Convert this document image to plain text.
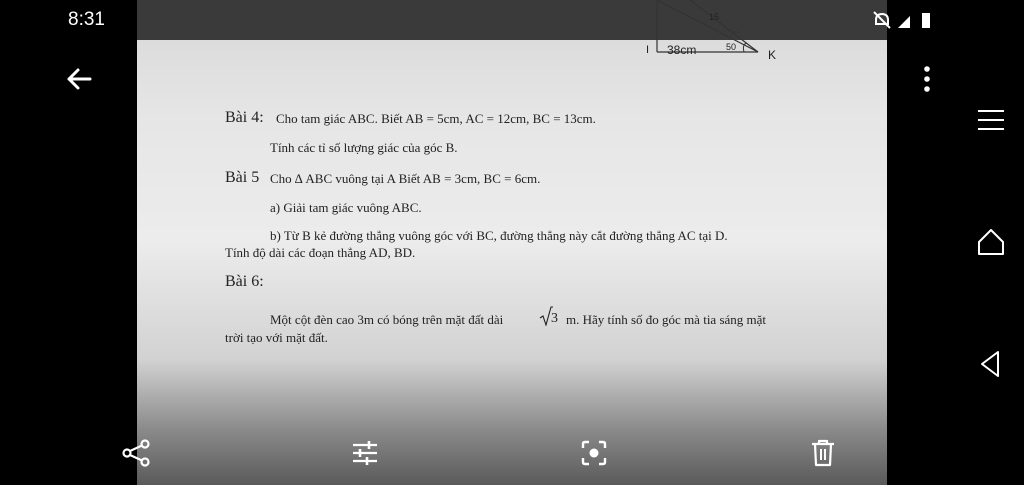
8:31	15
38cm	50
I	K
Bài 4: Cho tam giác ABC. Biết AB = 5cm, AC = 12cm, BC = 13cm.
Tính các tỉ số lượng giác của góc B.
Bài 5 Cho ∆ ABC vuông tại A Biết AB = 3cm, BC = 6cm.
a) Giải tam giác vuông ABC.
b) Từ B kẻ đường thẳng vuông góc với BC, đường thẳng này cắt đường thẳng AC tại D.
Tính độ dài các đoạn thẳng AD, BD.
Bài 6:
Một cột đèn cao 3m có bóng trên mặt đất dài	3 m. Hãy tính số đo góc mà tia sáng mặt
trời tạo với mặt đất.
